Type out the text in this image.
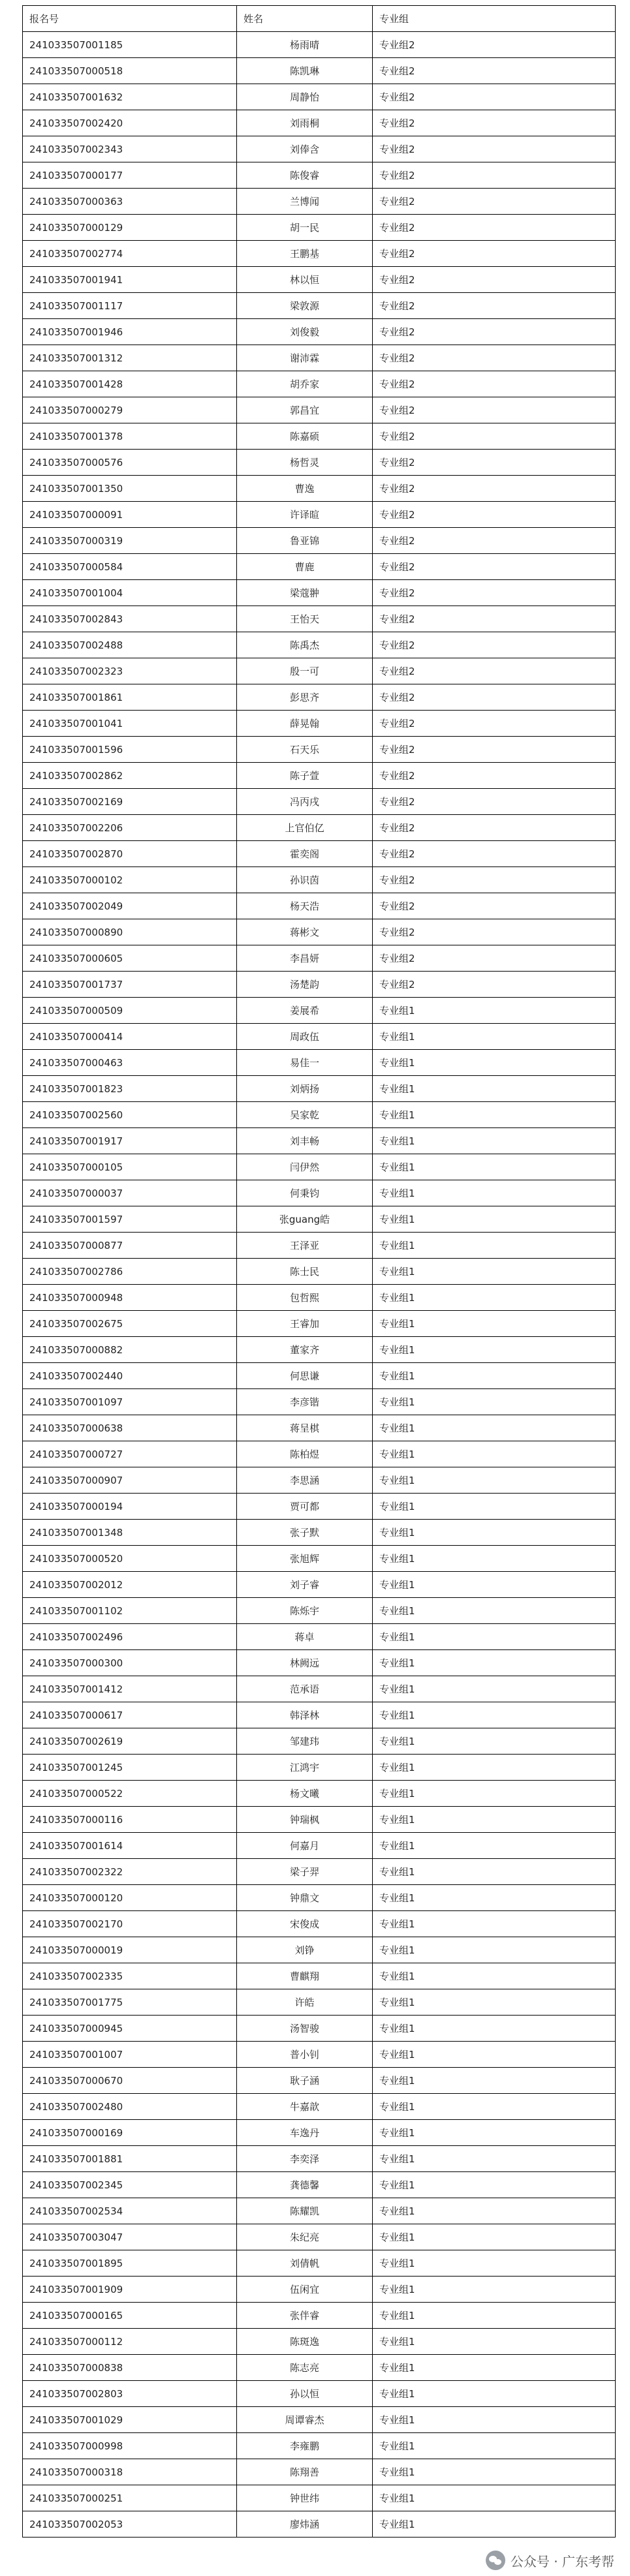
报名号	姓名	专业组
241033507001185	杨雨晴	专业组2
241033507000518	陈凯琳	专业组2
241033507001632	周静怡	专业组2
241033507002420	刘雨桐	专业组2
241033507002343	刘俸含	专业组2
241033507000177	陈俊睿	专业组2
241033507000363	兰博闻	专业组2
241033507000129	胡一民	专业组2
241033507002774	王鹏基	专业组2
241033507001941	林以恒	专业组2
241033507001117	梁敦源	专业组2
241033507001946	刘俊毅	专业组2
241033507001312	谢沛霖	专业组2
241033507001428	胡乔家	专业组2
241033507000279	郭昌宜	专业组2
241033507001378	陈嘉硕	专业组2
241033507000576	杨哲灵	专业组2
241033507001350	曹逸	专业组2
241033507000091	许译暄	专业组2
241033507000319	鲁亚锦	专业组2
241033507000584	曹鹿	专业组2
241033507001004	梁蔻翀	专业组2
241033507002843	王怡天	专业组2
241033507002488	陈禹杰	专业组2
241033507002323	殷一可	专业组2
241033507001861	彭思齐	专业组2
241033507001041	薛晃翰	专业组2
241033507001596	石天乐	专业组2
241033507002862	陈子萱	专业组2
241033507002169	冯丙戌	专业组2
241033507002206	上官伯亿	专业组2
241033507002870	霍奕阁	专业组2
241033507000102	孙识茵	专业组2
241033507002049	杨天浩	专业组2
241033507000890	蒋彬文	专业组2
241033507000605	李昌妍	专业组2
241033507001737	汤楚韵	专业组2
241033507000509	姜展希	专业组1
241033507000414	周政伍	专业组1
241033507000463	易佳一	专业组1
241033507001823	刘炳扬	专业组1
241033507002560	吴家乾	专业组1
241033507001917	刘丰畅	专业组1
241033507000105	闫伊然	专业组1
241033507000037	何秉钧	专业组1
241033507001597	张guang皓	专业组1
241033507000877	王泽亚	专业组1
241033507002786	陈士民	专业组1
241033507000948	包哲熙	专业组1
241033507002675	王睿加	专业组1
241033507000882	董家齐	专业组1
241033507002440	何思谦	专业组1
241033507001097	李彦锴	专业组1
241033507000638	蒋呈棋	专业组1
241033507000727	陈柏煜	专业组1
241033507000907	李思涵	专业组1
241033507000194	贾可都	专业组1
241033507001348	张子默	专业组1
241033507000520	张旭辉	专业组1
241033507002012	刘子睿	专业组1
241033507001102	陈烁宇	专业组1
241033507002496	蒋卓	专业组1
241033507000300	林阙远	专业组1
241033507001412	范承语	专业组1
241033507000617	韩泽林	专业组1
241033507002619	邹建玮	专业组1
241033507001245	江鸿宇	专业组1
241033507000522	杨文曦	专业组1
241033507000116	钟瑞枫	专业组1
241033507001614	何嘉月	专业组1
241033507002322	梁子羿	专业组1
241033507000120	钟鼎文	专业组1
241033507002170	宋俊成	专业组1
241033507000019	刘铮	专业组1
241033507002335	曹麒翔	专业组1
241033507001775	许皓	专业组1
241033507000945	汤智骏	专业组1
241033507001007	普小钊	专业组1
241033507000670	耿子涵	专业组1
241033507002480	牛嘉歆	专业组1
241033507000169	车逸丹	专业组1
241033507001881	李奕泽	专业组1
241033507002345	龚德馨	专业组1
241033507002534	陈耀凯	专业组1
241033507003047	朱纪亮	专业组1
241033507001895	刘倩帆	专业组1
241033507001909	伍闲宜	专业组1
241033507000165	张伴睿	专业组1
241033507000112	陈斑逸	专业组1
241033507000838	陈志亮	专业组1
241033507002803	孙以恒	专业组1
241033507001029	周谭睿杰	专业组1
241033507000998	李雍鹏	专业组1
241033507000318	陈翔善	专业组1
241033507000251	钟世纬	专业组1
241033507002053	廖炜涵	专业组1
公众号 · 广东考帮
